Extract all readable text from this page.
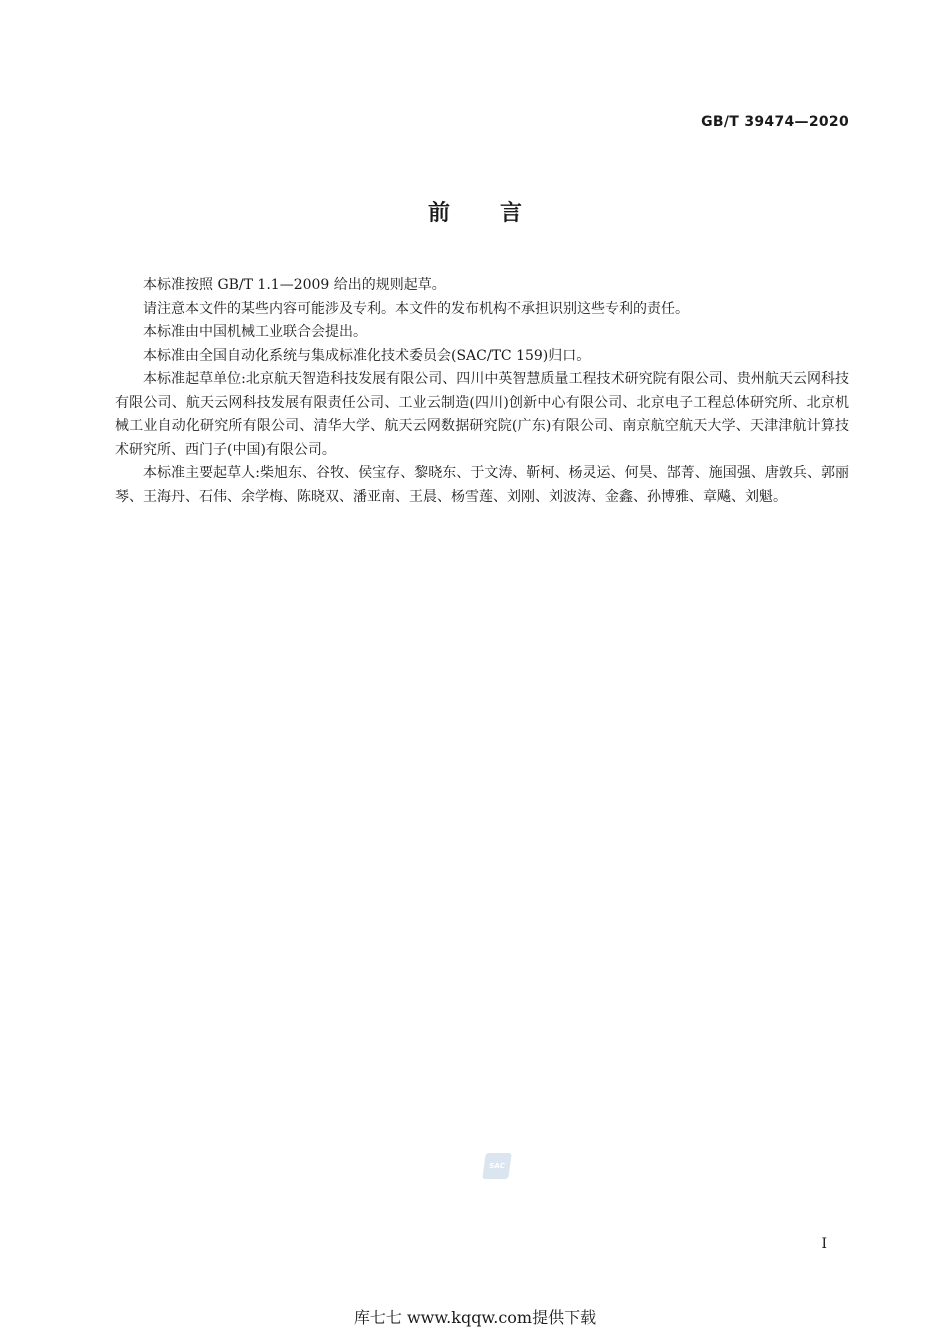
GB/T 39474—2020
前言

本标准按照 GB/T 1.1—2009 给出的规则起草。

请注意本文件的某些内容可能涉及专利。本文件的发布机构不承担识别这些专利的责任。

本标准由中国机械工业联合会提出。

本标准由全国自动化系统与集成标准化技术委员会(SAC/TC 159)归口。

本标准起草单位:北京航天智造科技发展有限公司、四川中英智慧质量工程技术研究院有限公司、贵州航天云网科技有限公司、航天云网科技发展有限责任公司、工业云制造(四川)创新中心有限公司、北京电子工程总体研究所、北京机械工业自动化研究所有限公司、清华大学、航天云网数据研究院(广东)有限公司、南京航空航天大学、天津津航计算技术研究所、西门子(中国)有限公司。

本标准主要起草人:柴旭东、谷牧、侯宝存、黎晓东、于文涛、靳柯、杨灵运、何昊、郜菁、施国强、唐敦兵、郭丽琴、王海丹、石伟、余学梅、陈晓双、潘亚南、王晨、杨雪莲、刘刚、刘波涛、金鑫、孙博雅、章飚、刘魁。

SAC
I
库七七 www.kqqw.com提供下载
